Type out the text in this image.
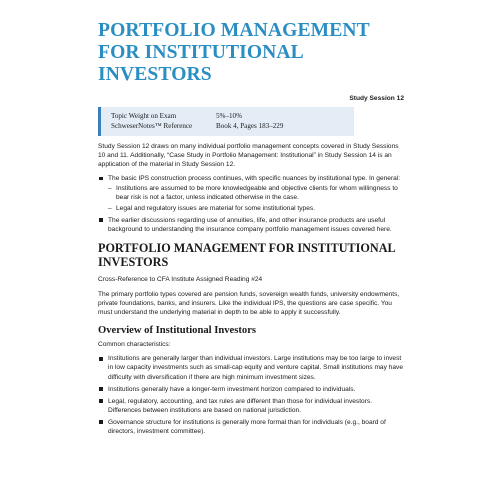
PORTFOLIO MANAGEMENT FOR INSTITUTIONAL INVESTORS
Study Session 12
Topic Weight on Exam	5%–10%
SchweserNotes™ Reference	Book 4, Pages 183–229

Study Session 12 draws on many individual portfolio management concepts covered in Study Sessions 10 and 11. Additionally, “Case Study in Portfolio Management: Institutional” in Study Session 14 is an application of the material in Study Session 12.

The basic IPS construction process continues, with specific nuances by institutional type. In general:
– Institutions are assumed to be more knowledgeable and objective clients for whom willingness to bear risk is not a factor, unless indicated otherwise in the case.
– Legal and regulatory issues are material for some institutional types.
The earlier discussions regarding use of annuities, life, and other insurance products are useful background to understanding the insurance company portfolio management issues covered here.
PORTFOLIO MANAGEMENT FOR INSTITUTIONAL INVESTORS

Cross-Reference to CFA Institute Assigned Reading #24

The primary portfolio types covered are pension funds, sovereign wealth funds, university endowments, private foundations, banks, and insurers. Like the individual IPS, the questions are case specific. You must understand the underlying material in depth to be able to apply it successfully.

Overview of Institutional Investors

Common characteristics:

Institutions are generally larger than individual investors. Large institutions may be too large to invest in low capacity investments such as small-cap equity and venture capital. Small institutions may have difficulty with diversification if there are high minimum investment sizes.
Institutions generally have a longer-term investment horizon compared to individuals.
Legal, regulatory, accounting, and tax rules are different than those for individual investors. Differences between institutions are based on national jurisdiction.
Governance structure for institutions is generally more formal than for individuals (e.g., board of directors, investment committee).
